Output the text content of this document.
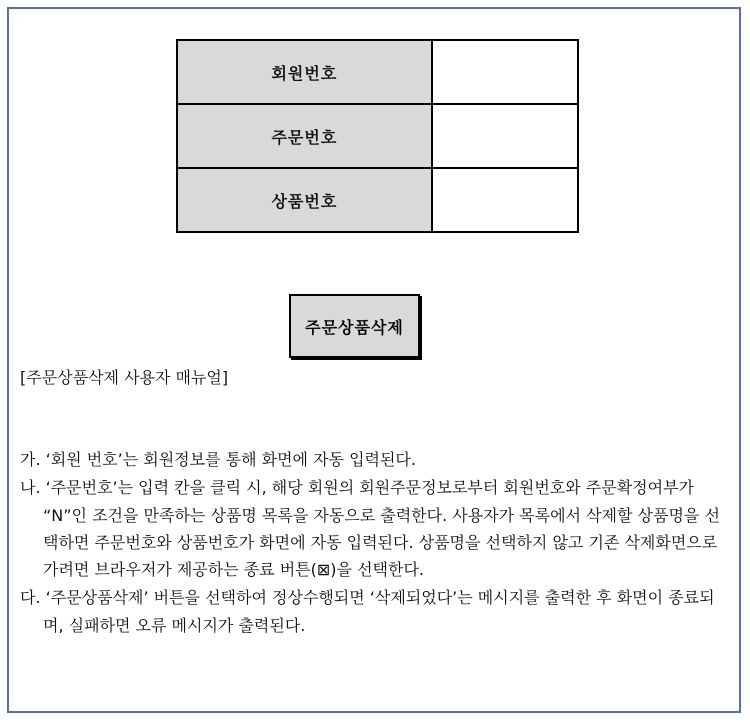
회원번호	
주문번호	
상품번호	
주문상품삭제
[주문상품삭제 사용자 매뉴얼]
가. ‘회원 번호’는 회원정보를 통해 화면에 자동 입력된다.
나. ‘주문번호’는 입력 칸을 클릭 시, 해당 회원의 회원주문정보로부터 회원번호와 주문확정여부가 “N”인 조건을 만족하는 상품명 목록을 자동으로 출력한다. 사용자가 목록에서 삭제할 상품명을 선택하면 주문번호와 상품번호가 화면에 자동 입력된다. 상품명을 선택하지 않고 기존 삭제화면으로 가려면 브라우저가 제공하는 종료 버튼(⊠)을 선택한다.
다. ‘주문상품삭제’ 버튼을 선택하여 정상수행되면 ‘삭제되었다’는 메시지를 출력한 후 화면이 종료되며, 실패하면 오류 메시지가 출력된다.
